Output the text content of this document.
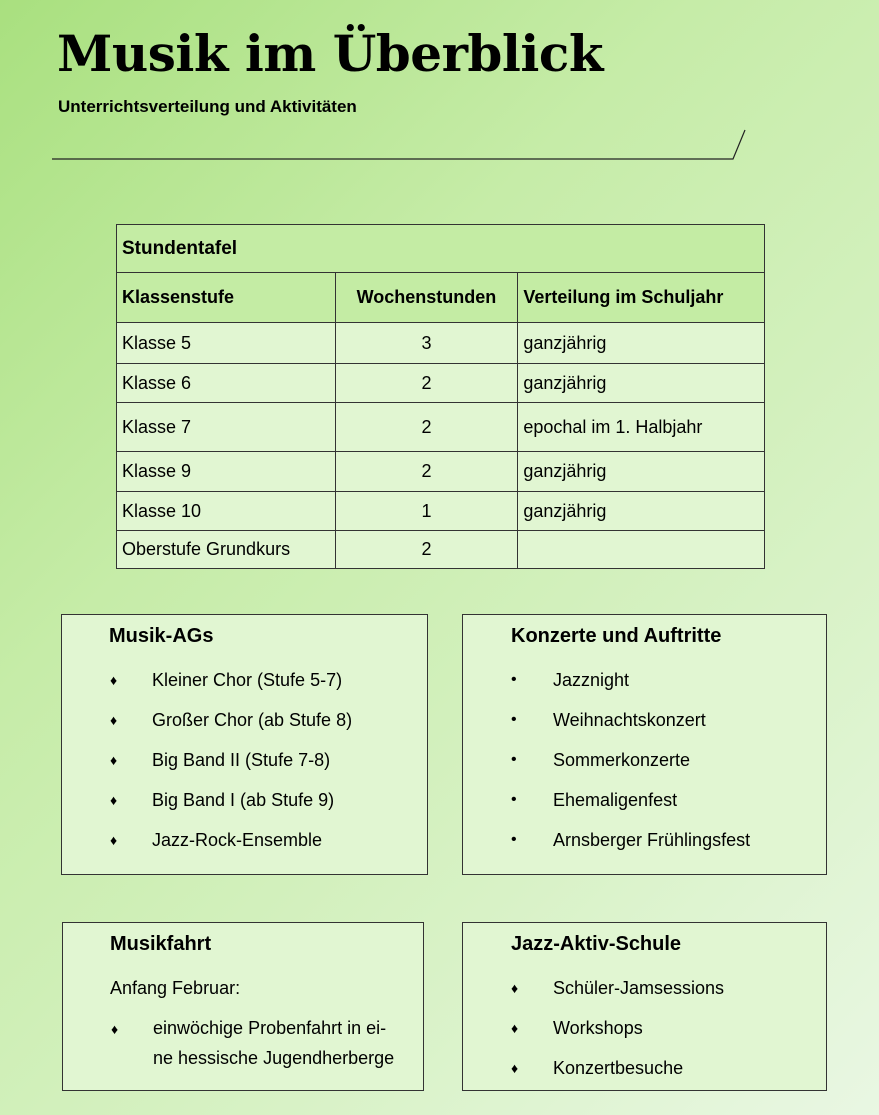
Musik im Überblick
Unterrichtsverteilung und Aktivitäten
Stundentafel		
Klassenstufe	Wochenstunden	Verteilung im Schuljahr
Klasse 5	3	ganzjährig
Klasse 6	2	ganzjährig
Klasse 7	2	epochal im 1. Halbjahr
Klasse 9	2	ganzjährig
Klasse 10	1	ganzjährig
Oberstufe Grundkurs	2	
Musik-AGs
♦ Kleiner Chor (Stufe 5-7)
♦ Großer Chor (ab Stufe 8)
♦ Big Band II (Stufe 7-8)
♦ Big Band I (ab Stufe 9)
♦ Jazz-Rock-Ensemble
Konzerte und Auftritte
• Jazznight
• Weihnachtskonzert
• Sommerkonzerte
• Ehemaligenfest
• Arnsberger Frühlingsfest
Musikfahrt

Anfang Februar:

♦ einwöchige Probenfahrt in ei-

ne hessische Jugendherberge

Jazz-Aktiv-Schule
♦ Schüler-Jamsessions
♦ Workshops
♦ Konzertbesuche
